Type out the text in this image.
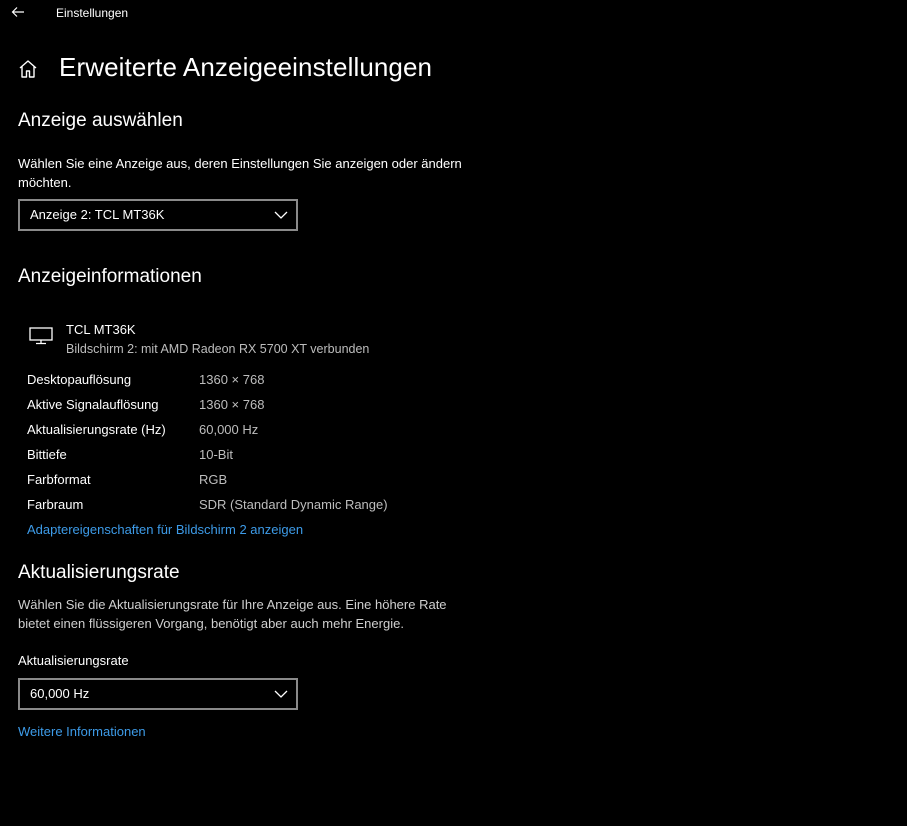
Einstellungen
Erweiterte Anzeigeeinstellungen
Anzeige auswählen
Wählen Sie eine Anzeige aus, deren Einstellungen Sie anzeigen oder ändern möchten.
Anzeige 2: TCL MT36K
Anzeigeinformationen
TCL MT36K
Bildschirm 2: mit AMD Radeon RX 5700 XT verbunden
Desktopauflösung	1360 × 768
Aktive Signalauflösung	1360 × 768
Aktualisierungsrate (Hz)	60,000 Hz
Bittiefe	10-Bit
Farbformat	RGB
Farbraum	SDR (Standard Dynamic Range)
Adaptereigenschaften für Bildschirm 2 anzeigen
Aktualisierungsrate
Wählen Sie die Aktualisierungsrate für Ihre Anzeige aus. Eine höhere Rate bietet einen flüssigeren Vorgang, benötigt aber auch mehr Energie.
Aktualisierungsrate
60,000 Hz
Weitere Informationen
